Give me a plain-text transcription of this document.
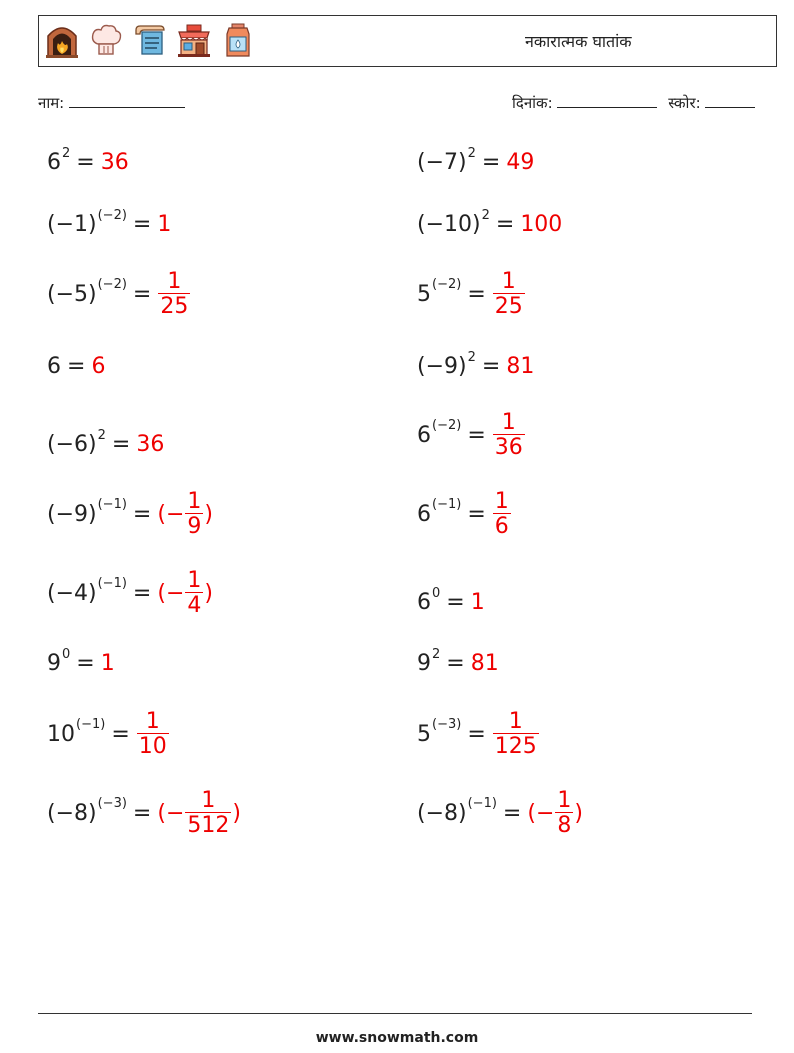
नकारात्मक घातांक
नाम:	दिनांक:	स्कोर:
$6^2 = 36$	$(-7)^2 = 49$
$(-1)^{(-2)} = 1$	$(-10)^2 = 100$
$(-5)^{(-2)} = \frac{1}{25}$	$5^{(-2)} = \frac{1}{25}$
6 = 6	$(-9)^2 = 81$
$(-6)^2 = 36$	$6^{(-2)} = \frac{1}{36}$
$(-9)^{(-1)}$ = (− $\frac{1}{9}$ )	$6^{(-1)} = \frac{1}{6}$
$(-4)^{(-1)}$ = (− $\frac{1}{4}$ )	$6^0 = 1$
$9^0 = 1$	$9^2 = 81$
$10^{(-1)} = \frac{1}{10}$	$5^{(-3)} = \frac{1}{125}$
$(-8)^{(-3)}$ = (− $\frac{1}{512}$ )	$(-8)^{(-1)}$ = (− $\frac{1}{8}$ )
www.snowmath.com
